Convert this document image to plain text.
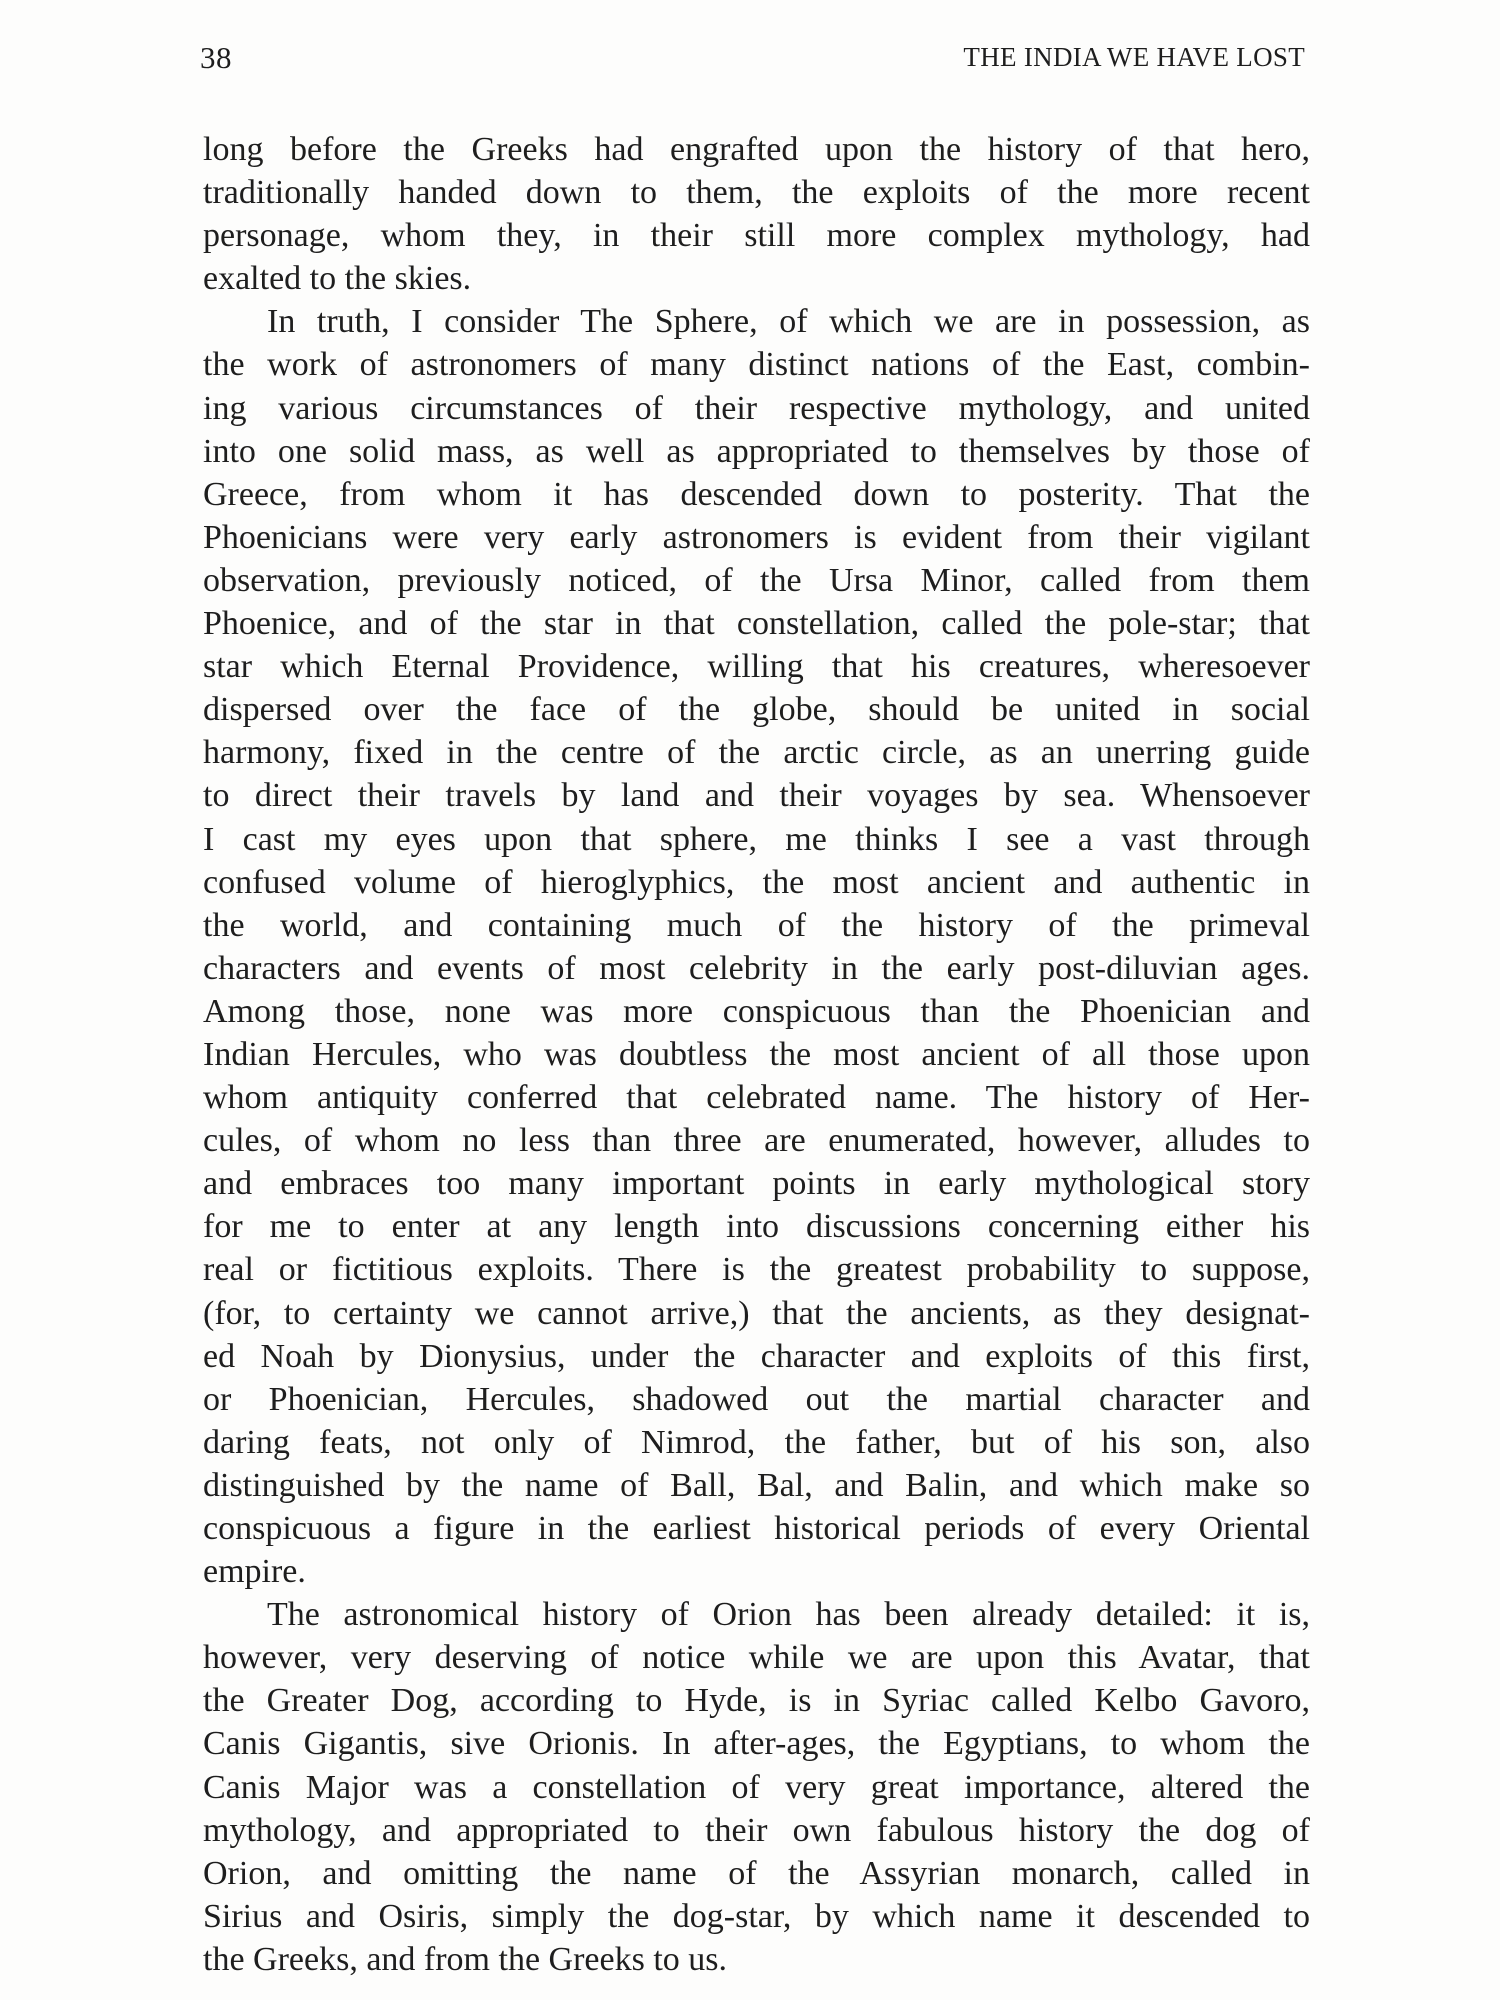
38	THE INDIA WE HAVE LOST
long before the Greeks had engrafted upon the history of that hero,
traditionally handed down to them, the exploits of the more recent
personage, whom they, in their still more complex mythology, had
exalted to the skies.
In truth, I consider The Sphere, of which we are in possession, as
the work of astronomers of many distinct nations of the East, combin-
ing various circumstances of their respective mythology, and united
into one solid mass, as well as appropriated to themselves by those of
Greece, from whom it has descended down to posterity. That the
Phoenicians were very early astronomers is evident from their vigilant
observation, previously noticed, of the Ursa Minor, called from them
Phoenice, and of the star in that constellation, called the pole-star; that
star which Eternal Providence, willing that his creatures, wheresoever
dispersed over the face of the globe, should be united in social
harmony, fixed in the centre of the arctic circle, as an unerring guide
to direct their travels by land and their voyages by sea. Whensoever
I cast my eyes upon that sphere, me thinks I see a vast through
confused volume of hieroglyphics, the most ancient and authentic in
the world, and containing much of the history of the primeval
characters and events of most celebrity in the early post-diluvian ages.
Among those, none was more conspicuous than the Phoenician and
Indian Hercules, who was doubtless the most ancient of all those upon
whom antiquity conferred that celebrated name. The history of Her-
cules, of whom no less than three are enumerated, however, alludes to
and embraces too many important points in early mythological story
for me to enter at any length into discussions concerning either his
real or fictitious exploits. There is the greatest probability to suppose,
(for, to certainty we cannot arrive,) that the ancients, as they designat-
ed Noah by Dionysius, under the character and exploits of this first,
or Phoenician, Hercules, shadowed out the martial character and
daring feats, not only of Nimrod, the father, but of his son, also
distinguished by the name of Ball, Bal, and Balin, and which make so
conspicuous a figure in the earliest historical periods of every Oriental
empire.
The astronomical history of Orion has been already detailed: it is,
however, very deserving of notice while we are upon this Avatar, that
the Greater Dog, according to Hyde, is in Syriac called Kelbo Gavoro,
Canis Gigantis, sive Orionis. In after-ages, the Egyptians, to whom the
Canis Major was a constellation of very great importance, altered the
mythology, and appropriated to their own fabulous history the dog of
Orion, and omitting the name of the Assyrian monarch, called in
Sirius and Osiris, simply the dog-star, by which name it descended to
the Greeks, and from the Greeks to us.
